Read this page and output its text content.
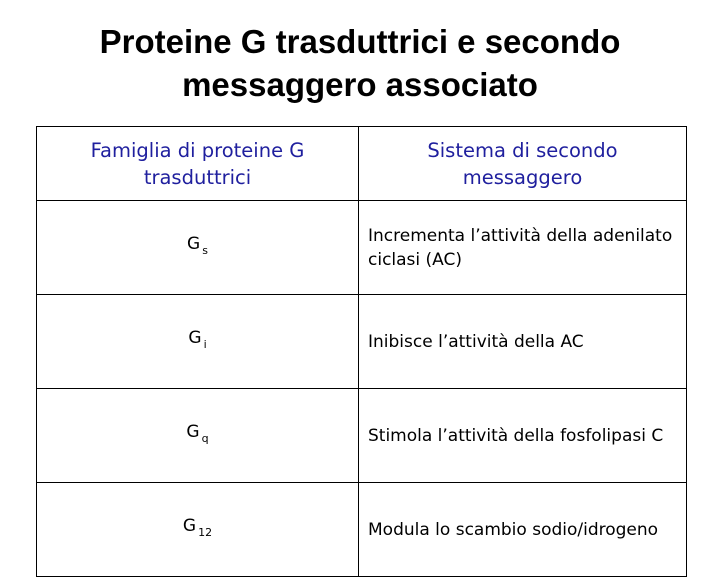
Proteine G trasduttrici e secondo
messaggero associato
Famiglia di proteine G trasduttrici	Sistema di secondo messaggero
G $_s$	Incrementa l’attività della adenilato ciclasi (AC)
G $_i$	Inibisce l’attività della AC
G $_q$	Stimola l’attività della fosfolipasi C
G $_{12}$	Modula lo scambio sodio/idrogeno
